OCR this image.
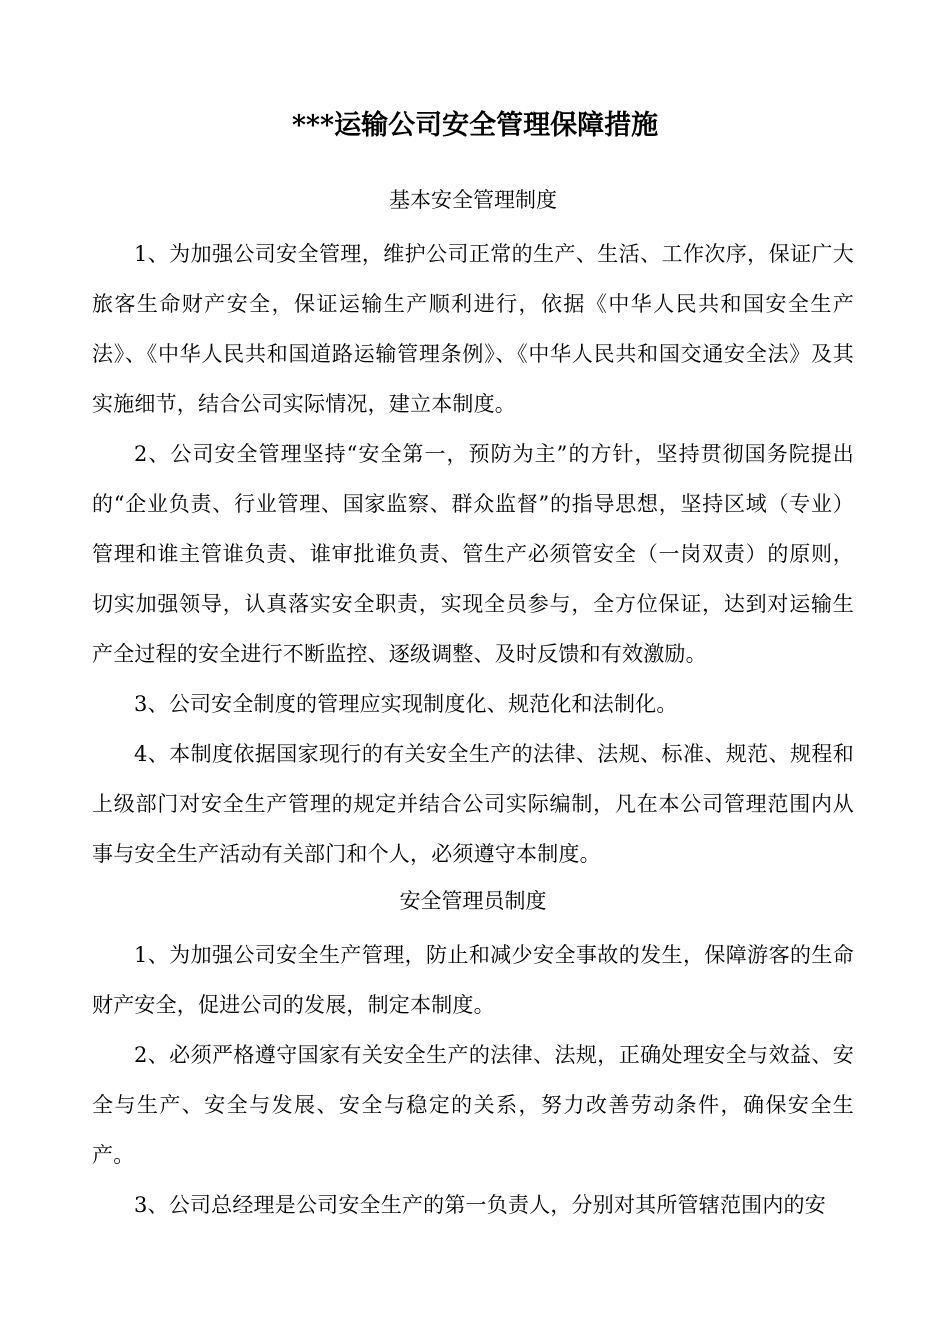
***运输公司安全管理保障措施
基本安全管理制度

1、为加强公司安全管理，维护公司正常的生产、生活、工作次序，保证广大旅客生命财产安全，保证运输生产顺利进行，依据《中华人民共和国安全生产法》、《中华人民共和国道路运输管理条例》、《中华人民共和国交通安全法》及其实施细节，结合公司实际情况，建立本制度。

2、公司安全管理坚持“安全第一，预防为主”的方针，坚持贯彻国务院提出的“企业负责、行业管理、国家监察、群众监督”的指导思想，坚持区域（专业）管理和谁主管谁负责、谁审批谁负责、管生产必须管安全（一岗双责）的原则，切实加强领导，认真落实安全职责，实现全员参与，全方位保证，达到对运输生产全过程的安全进行不断监控、逐级调整、及时反馈和有效激励。

3、公司安全制度的管理应实现制度化、规范化和法制化。

4、本制度依据国家现行的有关安全生产的法律、法规、标准、规范、规程和上级部门对安全生产管理的规定并结合公司实际编制，凡在本公司管理范围内从事与安全生产活动有关部门和个人，必须遵守本制度。

安全管理员制度

1、为加强公司安全生产管理，防止和减少安全事故的发生，保障游客的生命财产安全，促进公司的发展，制定本制度。

2、必须严格遵守国家有关安全生产的法律、法规，正确处理安全与效益、安全与生产、安全与发展、安全与稳定的关系，努力改善劳动条件，确保安全生产。

3、公司总经理是公司安全生产的第一负责人，分别对其所管辖范围内的安
